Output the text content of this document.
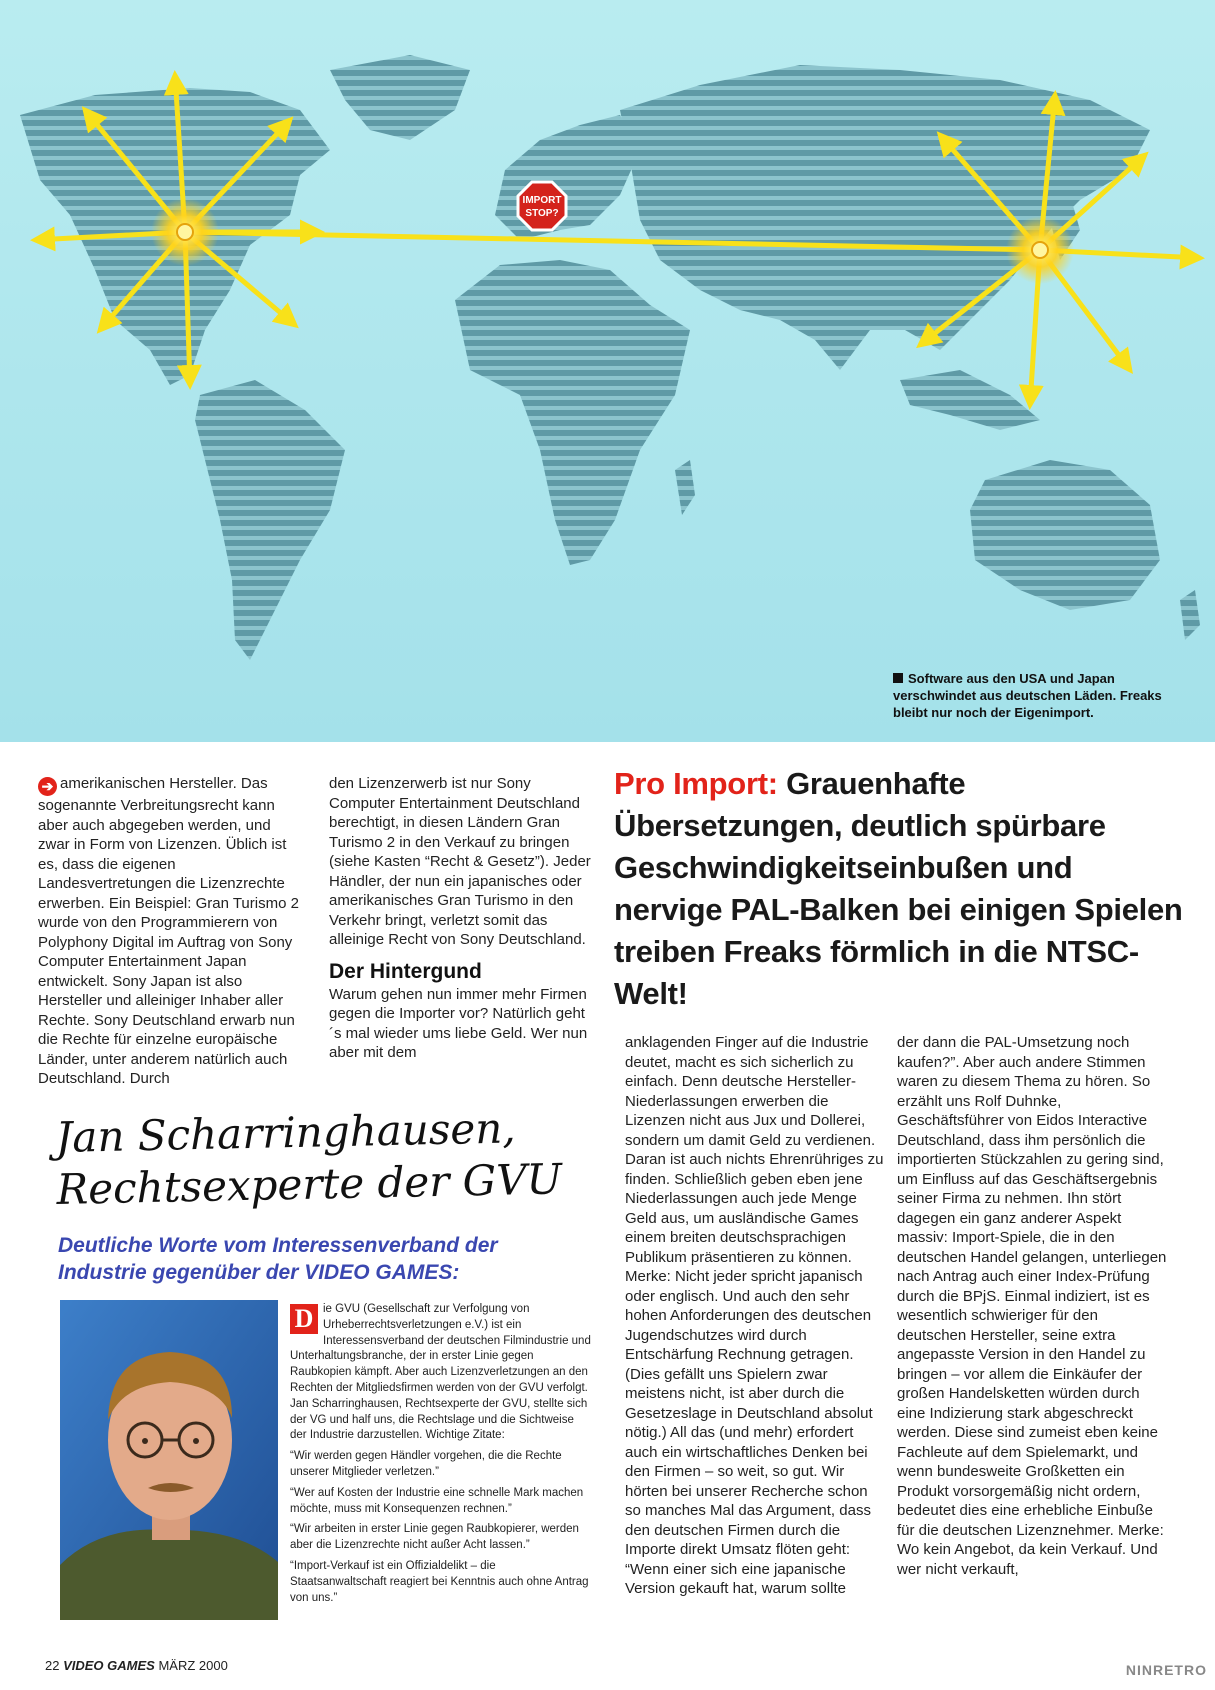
IMPORT
STOP?
Software aus den USA und Japan verschwindet aus deutschen Läden. Freaks bleibt nur noch der Eigenimport.

➔ amerikanischen Hersteller. Das sogenannte Verbreitungsrecht kann aber auch abgegeben werden, und zwar in Form von Lizenzen. Üblich ist es, dass die eigenen Landesvertretungen die Lizenzrechte erwerben. Ein Beispiel: Gran Turismo 2 wurde von den Programmierern von Polyphony Digital im Auftrag von Sony Computer Entertainment Japan entwickelt. Sony Japan ist also Hersteller und alleiniger Inhaber aller Rechte. Sony Deutschland erwarb nun die Rechte für einzelne europäische Länder, unter anderem natürlich auch Deutschland. Durch

den Lizenzerwerb ist nur Sony Computer Entertainment Deutschland berechtigt, in diesen Ländern Gran Turismo 2 in den Verkauf zu bringen (siehe Kasten “Recht & Gesetz”). Jeder Händler, der nun ein japanisches oder amerikanisches Gran Turismo in den Verkehr bringt, verletzt somit das alleinige Recht von Sony Deutschland.

Der Hintergund

Warum gehen nun immer mehr Firmen gegen die Importer vor? Natürlich geht´s mal wieder ums liebe Geld. Wer nun aber mit dem

Pro Import: Grauenhafte Übersetzungen, deutlich spürbare Geschwindigkeitseinbußen und nervige PAL-Balken bei einigen Spielen treiben Freaks förmlich in die NTSC-Welt!

anklagenden Finger auf die Industrie deutet, macht es sich sicherlich zu einfach. Denn deutsche Hersteller-Niederlassungen erwerben die Lizenzen nicht aus Jux und Dollerei, sondern um damit Geld zu verdienen. Daran ist auch nichts Ehrenrühriges zu finden. Schließlich geben eben jene Niederlassungen auch jede Menge Geld aus, um ausländische Games einem breiten deutschsprachigen Publikum präsentieren zu können. Merke: Nicht jeder spricht japanisch oder englisch. Und auch den sehr hohen Anforderungen des deutschen Jugendschutzes wird durch Entschärfung Rechnung getragen. (Dies gefällt uns Spielern zwar meistens nicht, ist aber durch die Gesetzeslage in Deutschland absolut nötig.) All das (und mehr) erfordert auch ein wirtschaftliches Denken bei den Firmen – so weit, so gut. Wir hörten bei unserer Recherche schon so manches Mal das Argument, dass den deutschen Firmen durch die Importe direkt Umsatz flöten geht: “Wenn einer sich eine japanische Version gekauft hat, warum sollte

der dann die PAL-Umsetzung noch kaufen?”. Aber auch andere Stimmen waren zu diesem Thema zu hören. So erzählt uns Rolf Duhnke, Geschäftsführer von Eidos Interactive Deutschland, dass ihm persönlich die importierten Stückzahlen zu gering sind, um Einfluss auf das Geschäftsergebnis seiner Firma zu nehmen. Ihn stört dagegen ein ganz anderer Aspekt massiv: Import-Spiele, die in den deutschen Handel gelangen, unterliegen nach Antrag auch einer Index-Prüfung durch die BPjS. Einmal indiziert, ist es wesentlich schwieriger für den deutschen Hersteller, seine extra angepasste Version in den Handel zu bringen – vor allem die Einkäufer der großen Handelsketten würden durch eine Indizierung stark abgeschreckt werden. Diese sind zumeist eben keine Fachleute auf dem Spielemarkt, und wenn bundesweite Großketten ein Produkt vorsorgemäßig nicht ordern, bedeutet dies eine erhebliche Einbuße für die deutschen Lizenznehmer. Merke: Wo kein Angebot, da kein Verkauf. Und wer nicht verkauft,

Jan Scharringhausen,
Rechtsexperte der GVU
Deutliche Worte vom Interessenverband der Industrie gegenüber der VIDEO GAMES:

D ie GVU (Gesellschaft zur Verfolgung von Urheberrechtsverletzungen e.V.) ist ein Interessensverband der deutschen Filmindustrie und Unterhaltungsbranche, der in erster Linie gegen Raubkopien kämpft. Aber auch Lizenzverletzungen an den Rechten der Mitgliedsfirmen werden von der GVU verfolgt. Jan Scharringhausen, Rechtsexperte der GVU, stellte sich der VG und half uns, die Rechtslage und die Sichtweise der Industrie darzustellen. Wichtige Zitate:

“Wir werden gegen Händler vorgehen, die die Rechte unserer Mitglieder verletzen.”

“Wer auf Kosten der Industrie eine schnelle Mark machen möchte, muss mit Konsequenzen rechnen.”

“Wir arbeiten in erster Linie gegen Raubkopierer, werden aber die Lizenzrechte nicht außer Acht lassen.”

“Import-Verkauf ist ein Offizialdelikt – die Staatsanwaltschaft reagiert bei Kenntnis auch ohne Antrag von uns.”

22 VIDEO GAMES MÄRZ 2000	NINRETRO
